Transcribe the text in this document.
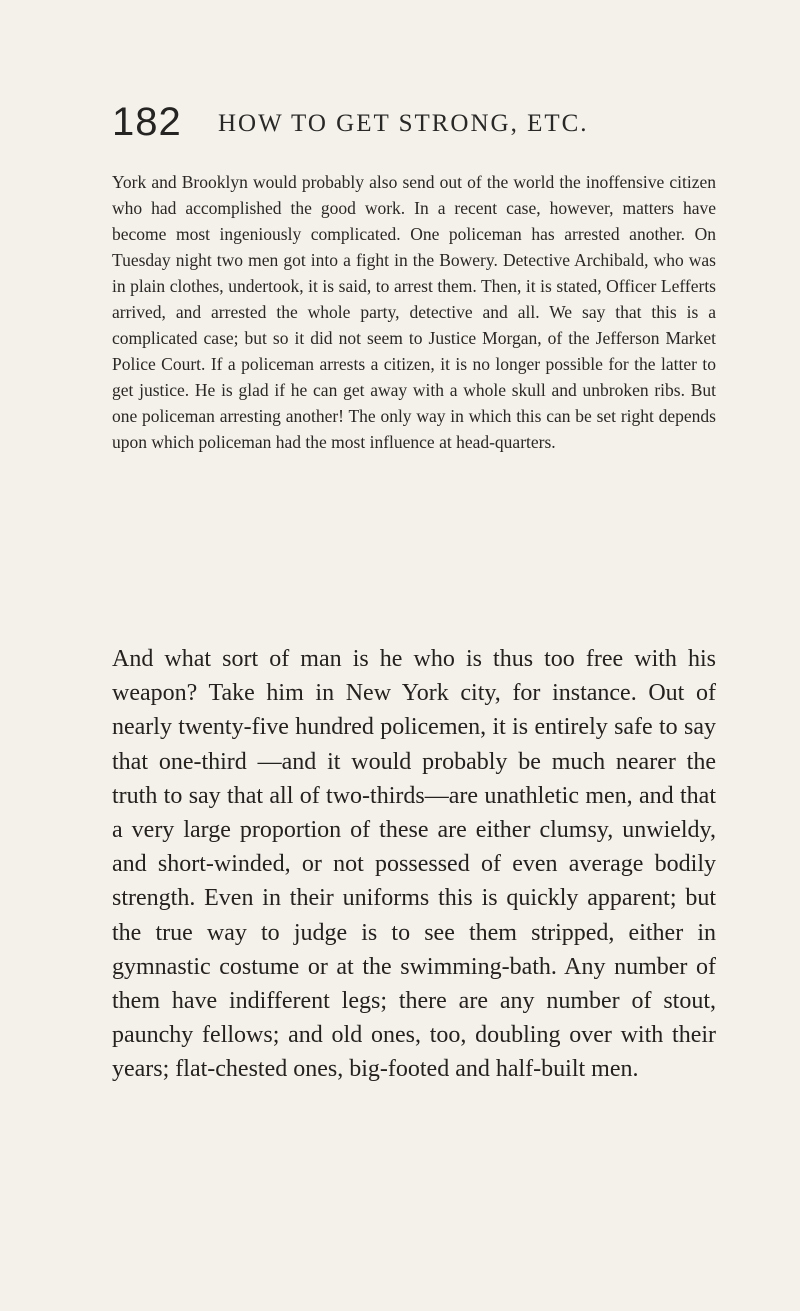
182 HOW TO GET STRONG, ETC.

York and Brooklyn would probably also send out of the world the inoffensive citizen who had accomplished the good work. In a recent case, however, matters have become most ingeniously complicated. One policeman has arrested another. On Tuesday night two men got into a fight in the Bowery. Detective Archibald, who was in plain clothes, undertook, it is said, to arrest them. Then, it is stated, Officer Lefferts arrived, and arrested the whole party, detective and all. We say that this is a complicated case; but so it did not seem to Justice Morgan, of the Jefferson Market Police Court. If a policeman arrests a citizen, it is no longer possible for the latter to get justice. He is glad if he can get away with a whole skull and unbroken ribs. But one policeman arresting another! The only way in which this can be set right depends upon which policeman had the most influence at head-quarters.

And what sort of man is he who is thus too free with his weapon? Take him in New York city, for instance. Out of nearly twenty-five hundred policemen, it is entirely safe to say that one-third —and it would probably be much nearer the truth to say that all of two-thirds—are unathletic men, and that a very large proportion of these are either clumsy, unwieldy, and short-winded, or not possessed of even average bodily strength. Even in their uniforms this is quickly apparent; but the true way to judge is to see them stripped, either in gymnastic costume or at the swimming-bath. Any number of them have indifferent legs; there are any number of stout, paunchy fellows; and old ones, too, doubling over with their years; flat-chested ones, big-footed and half-built men.
